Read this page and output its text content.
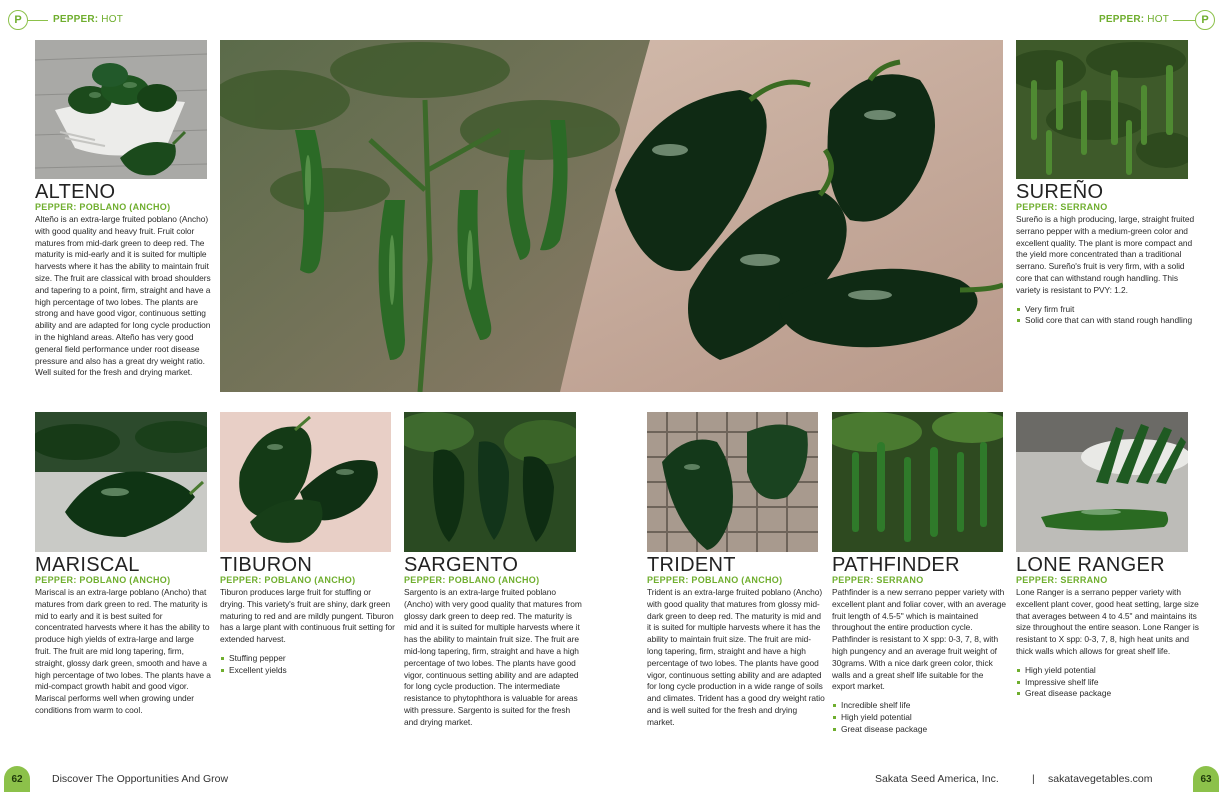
P	PEPPER: HOT	PEPPER: HOT	P
ALTENO
PEPPER: POBLANO (ANCHO)
Alteño is an extra-large fruited poblano (Ancho) with good quality and heavy fruit. Fruit color matures from mid-dark green to deep red. The maturity is mid-early and it is suited for multiple harvests where it has the ability to maintain fruit size. The fruit are classical with broad shoulders and tapering to a point, firm, straight and have a high percentage of two lobes. The plants are strong and have good vigor, continuous setting ability and are adapted for long cycle production in the highland areas. Alteño has very good general field performance under root disease pressure and also has a great dry weight ratio. Well suited for the fresh and drying market.
SUREÑO
PEPPER: SERRANO
Sureño is a high producing, large, straight fruited serrano pepper with a medium-green color and excellent quality. The plant is more compact and the yield more concentrated than a traditional serrano. Sureño's fruit is very firm, with a solid core that can withstand rough handling. This variety is resistant to PVY: 1.2.
Very firm fruit
Solid core that can with stand rough handling
MARISCAL
PEPPER: POBLANO (ANCHO)
Mariscal is an extra-large poblano (Ancho) that matures from dark green to red. The maturity is mid to early and it is best suited for concentrated harvests where it has the ability to produce high yields of extra-large and large fruit. The fruit are mid long tapering, firm, straight, glossy dark green, smooth and have a high percentage of two lobes. The plants have a mid-compact growth habit and good vigor. Mariscal performs well when growing under conditions from warm to cool.
TIBURON
PEPPER: POBLANO (ANCHO)
Tiburon produces large fruit for stuffing or drying. This variety's fruit are shiny, dark green maturing to red and are mildly pungent. Tiburon has a large plant with continuous fruit setting for extended harvest.
Stuffing pepper
Excellent yields
SARGENTO
PEPPER: POBLANO (ANCHO)
Sargento is an extra-large fruited poblano (Ancho) with very good quality that matures from glossy dark green to deep red. The maturity is mid and it is suited for multiple harvests where it has the ability to maintain fruit size. The fruit are mid-long tapering, firm, straight and have a high percentage of two lobes. The plants have good vigor, continuous setting ability and are adapted for long cycle production. The intermediate resistance to phytophthora is valuable for areas with pressure. Sargento is suited for the fresh and drying market.
TRIDENT
PEPPER: POBLANO (ANCHO)
Trident is an extra-large fruited poblano (Ancho) with good quality that matures from glossy mid-dark green to deep red. The maturity is mid and it is suited for multiple harvests where it has the ability to maintain fruit size. The fruit are mid-long tapering, firm, straight and have a high percentage of two lobes. The plants have good vigor, continuous setting ability and are adapted for long cycle production in a wide range of soils and climates. Trident has a good dry weight ratio and is well suited for the fresh and drying market.
PATHFINDER
PEPPER: SERRANO
Pathfinder is a new serrano pepper variety with excellent plant and foliar cover, with an average fruit length of 4.5-5" which is maintained throughout the entire production cycle. Pathfinder is resistant to X spp: 0-3, 7, 8, with high pungency and an average fruit weight of 30grams. With a nice dark green color, thick walls and a great shelf life suitable for the export market.
Incredible shelf life
High yield potential
Great disease package
LONE RANGER
PEPPER: SERRANO
Lone Ranger is a serrano pepper variety with excellent plant cover, good heat setting, large size that averages between 4 to 4.5" and maintains its size throughout the entire season. Lone Ranger is resistant to X spp: 0-3, 7, 8, high heat units and thick walls which allows for great shelf life.
High yield potential
Impressive shelf life
Great disease package
62	Discover The Opportunities And Grow	Sakata Seed America, Inc.	| sakatavegetables.com	63
